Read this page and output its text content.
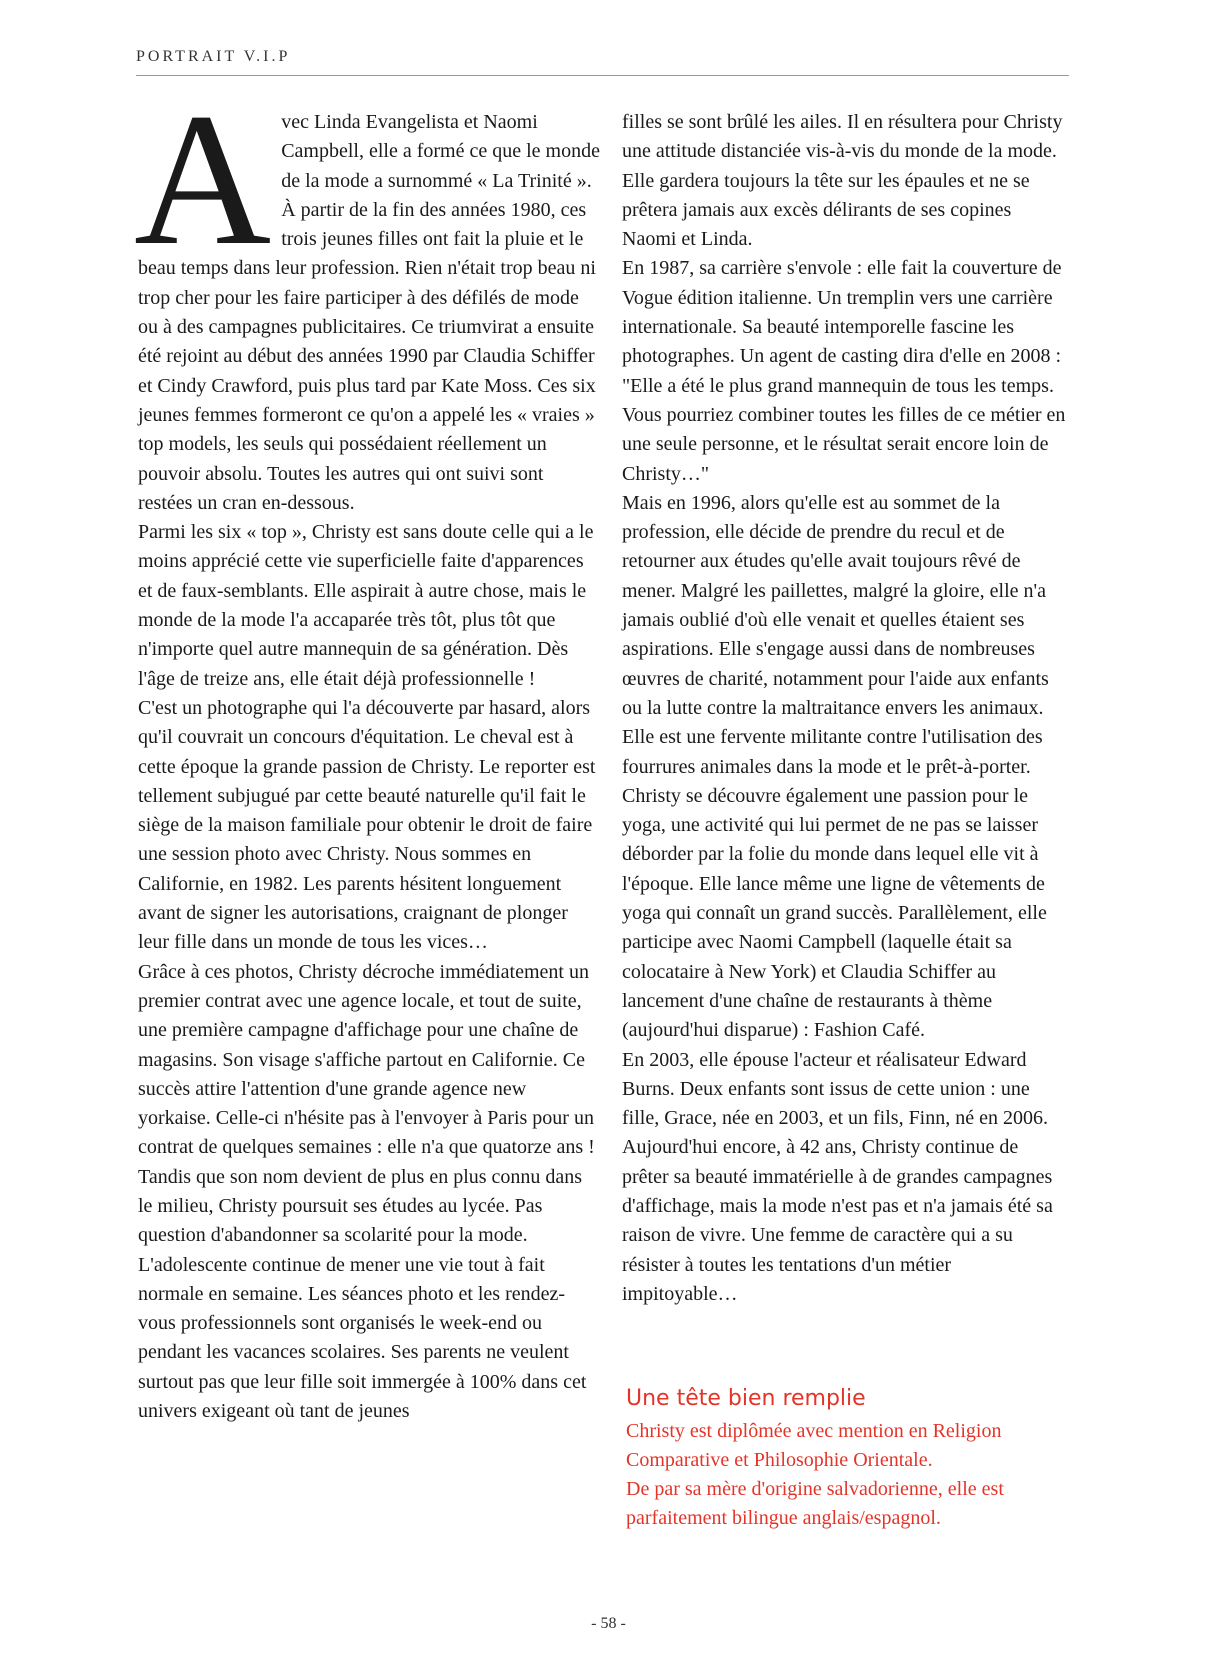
PORTRAIT V.I.P
A vec Linda Evangelista et Naomi Campbell, elle a formé ce que le monde de la mode a surnommé « La Trinité ». À partir de la fin des années 1980, ces trois jeunes filles ont fait la pluie et le beau temps dans leur profession. Rien n'était trop beau ni trop cher pour les faire participer à des défilés de mode ou à des campagnes publicitaires. Ce triumvirat a ensuite été rejoint au début des années 1990 par Claudia Schiffer et Cindy Crawford, puis plus tard par Kate Moss. Ces six jeunes femmes formeront ce qu'on a appelé les « vraies » top models, les seuls qui possédaient réellement un pouvoir absolu. Toutes les autres qui ont suivi sont restées un cran en-dessous.

Parmi les six « top », Christy est sans doute celle qui a le moins apprécié cette vie superficielle faite d'apparences et de faux-semblants. Elle aspirait à autre chose, mais le monde de la mode l'a accaparée très tôt, plus tôt que n'importe quel autre mannequin de sa génération. Dès l'âge de treize ans, elle était déjà professionnelle !

C'est un photographe qui l'a découverte par hasard, alors qu'il couvrait un concours d'équitation. Le cheval est à cette époque la grande passion de Christy. Le reporter est tellement subjugué par cette beauté naturelle qu'il fait le siège de la maison familiale pour obtenir le droit de faire une session photo avec Christy. Nous sommes en Californie, en 1982. Les parents hésitent longuement avant de signer les autorisations, craignant de plonger leur fille dans un monde de tous les vices…

Grâce à ces photos, Christy décroche immédiatement un premier contrat avec une agence locale, et tout de suite, une première campagne d'affichage pour une chaîne de magasins. Son visage s'affiche partout en Californie. Ce succès attire l'attention d'une grande agence new yorkaise. Celle-ci n'hésite pas à l'envoyer à Paris pour un contrat de quelques semaines : elle n'a que quatorze ans !

Tandis que son nom devient de plus en plus connu dans le milieu, Christy poursuit ses études au lycée. Pas question d'abandonner sa scolarité pour la mode. L'adolescente continue de mener une vie tout à fait normale en semaine. Les séances photo et les rendez-vous professionnels sont organisés le week-end ou pendant les vacances scolaires. Ses parents ne veulent surtout pas que leur fille soit immergée à 100% dans cet univers exigeant où tant de jeunes

filles se sont brûlé les ailes. Il en résultera pour Christy une attitude distanciée vis-à-vis du monde de la mode. Elle gardera toujours la tête sur les épaules et ne se prêtera jamais aux excès délirants de ses copines Naomi et Linda.

En 1987, sa carrière s'envole : elle fait la couverture de Vogue édition italienne. Un tremplin vers une carrière internationale. Sa beauté intemporelle fascine les photographes. Un agent de casting dira d'elle en 2008 : "Elle a été le plus grand mannequin de tous les temps. Vous pourriez combiner toutes les filles de ce métier en une seule personne, et le résultat serait encore loin de Christy…"

Mais en 1996, alors qu'elle est au sommet de la profession, elle décide de prendre du recul et de retourner aux études qu'elle avait toujours rêvé de mener. Malgré les paillettes, malgré la gloire, elle n'a jamais oublié d'où elle venait et quelles étaient ses aspirations. Elle s'engage aussi dans de nombreuses œuvres de charité, notamment pour l'aide aux enfants ou la lutte contre la maltraitance envers les animaux. Elle est une fervente militante contre l'utilisation des fourrures animales dans la mode et le prêt-à-porter.

Christy se découvre également une passion pour le yoga, une activité qui lui permet de ne pas se laisser déborder par la folie du monde dans lequel elle vit à l'époque. Elle lance même une ligne de vêtements de yoga qui connaît un grand succès. Parallèlement, elle participe avec Naomi Campbell (laquelle était sa colocataire à New York) et Claudia Schiffer au lancement d'une chaîne de restaurants à thème (aujourd'hui disparue) : Fashion Café.

En 2003, elle épouse l'acteur et réalisateur Edward Burns. Deux enfants sont issus de cette union : une fille, Grace, née en 2003, et un fils, Finn, né en 2006. Aujourd'hui encore, à 42 ans, Christy continue de prêter sa beauté immatérielle à de grandes campagnes d'affichage, mais la mode n'est pas et n'a jamais été sa raison de vivre. Une femme de caractère qui a su résister à toutes les tentations d'un métier impitoyable…

Une tête bien remplie

Christy est diplômée avec mention en Religion Comparative et Philosophie Orientale.

De par sa mère d'origine salvadorienne, elle est parfaitement bilingue anglais/espagnol.

- 58 -
